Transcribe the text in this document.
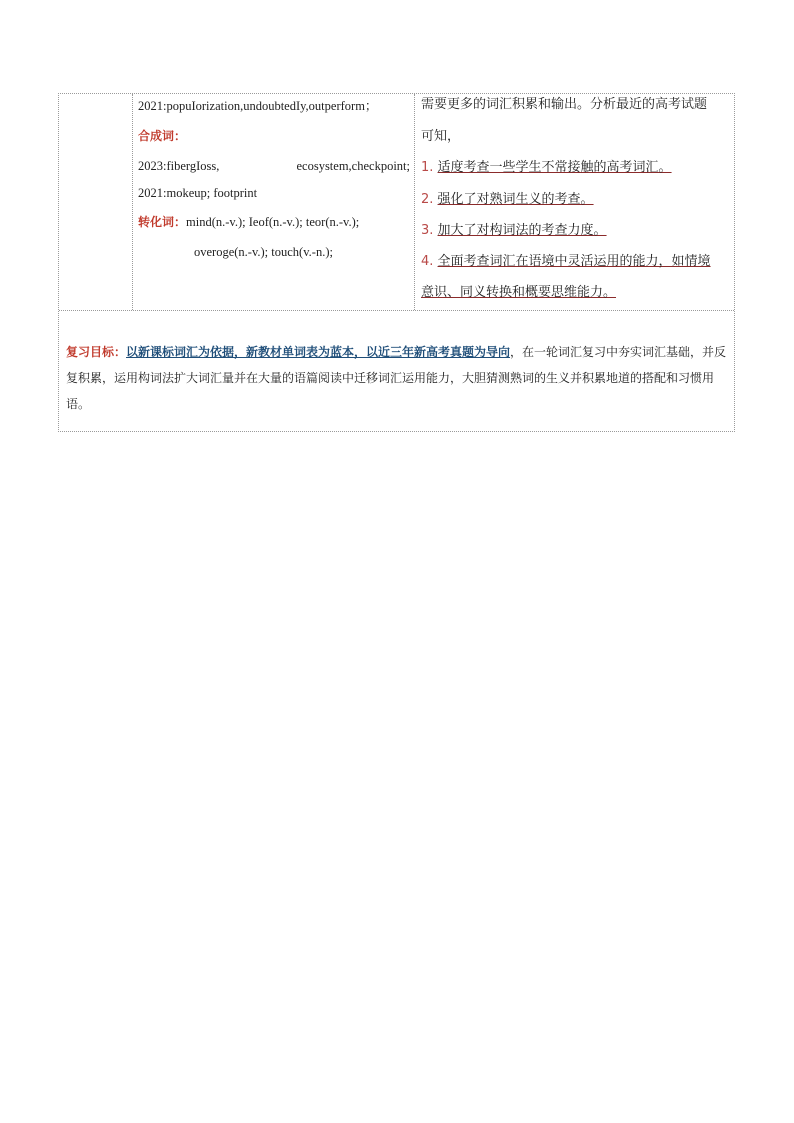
2021:popuIorization,undoubtedIy,outperform；
合成词：
2023:fibergIoss,	ecosystem,checkpoint;
2021:mokeup; footprint
转化词：mind(n.-v.); Ieof(n.-v.); teor(n.-v.);
overoge(n.-v.); touch(v.-n.);
需要更多的词汇积累和输出。分析最近的高考试题
可知，
1. 适度考查一些学生不常接触的高考词汇。
2. 强化了对熟词生义的考查。
3. 加大了对构词法的考查力度。
4. 全面考查词汇在语境中灵活运用的能力，如情境
意识、同义转换和概要思维能力。
复习目标：以新课标词汇为依据，新教材单词表为蓝本，以近三年新高考真题为导向，在一轮词汇复习中夯实词汇基础，并反复积累，运用构词法扩大词汇量并在大量的语篇阅读中迁移词汇运用能力，大胆猜测熟词的生义并积累地道的搭配和习惯用语。
